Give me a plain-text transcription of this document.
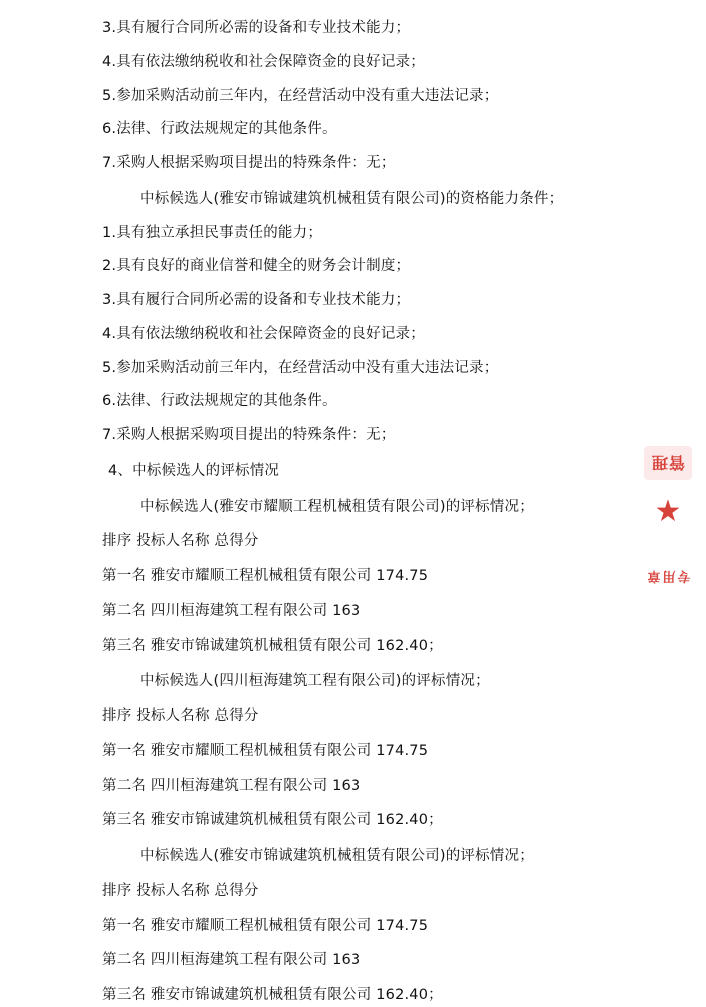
3.具有履行合同所必需的设备和专业技术能力；
4.具有依法缴纳税收和社会保障资金的良好记录；
5.参加采购活动前三年内，在经营活动中没有重大违法记录；
6.法律、行政法规规定的其他条件。
7.采购人根据采购项目提出的特殊条件：无；
中标候选人(雅安市锦诚建筑机械租赁有限公司)的资格能力条件；
1.具有独立承担民事责任的能力；
2.具有良好的商业信誉和健全的财务会计制度；
3.具有履行合同所必需的设备和专业技术能力；
4.具有依法缴纳税收和社会保障资金的良好记录；
5.参加采购活动前三年内，在经营活动中没有重大违法记录；
6.法律、行政法规规定的其他条件。
7.采购人根据采购项目提出的特殊条件：无；
4、中标候选人的评标情况
中标候选人(雅安市耀顺工程机械租赁有限公司)的评标情况；
排序 投标人名称 总得分
第一名 雅安市耀顺工程机械租赁有限公司 174.75
第二名 四川桓海建筑工程有限公司 163
第三名 雅安市锦诚建筑机械租赁有限公司 162.40；
中标候选人(四川桓海建筑工程有限公司)的评标情况；
排序 投标人名称 总得分
第一名 雅安市耀顺工程机械租赁有限公司 174.75
第二名 四川桓海建筑工程有限公司 163
第三名 雅安市锦诚建筑机械租赁有限公司 162.40；
中标候选人(雅安市锦诚建筑机械租赁有限公司)的评标情况；
排序 投标人名称 总得分
第一名 雅安市耀顺工程机械租赁有限公司 174.75
第二名 四川桓海建筑工程有限公司 163
第三名 雅安市锦诚建筑机械租赁有限公司 162.40；
管理
★
专用章
